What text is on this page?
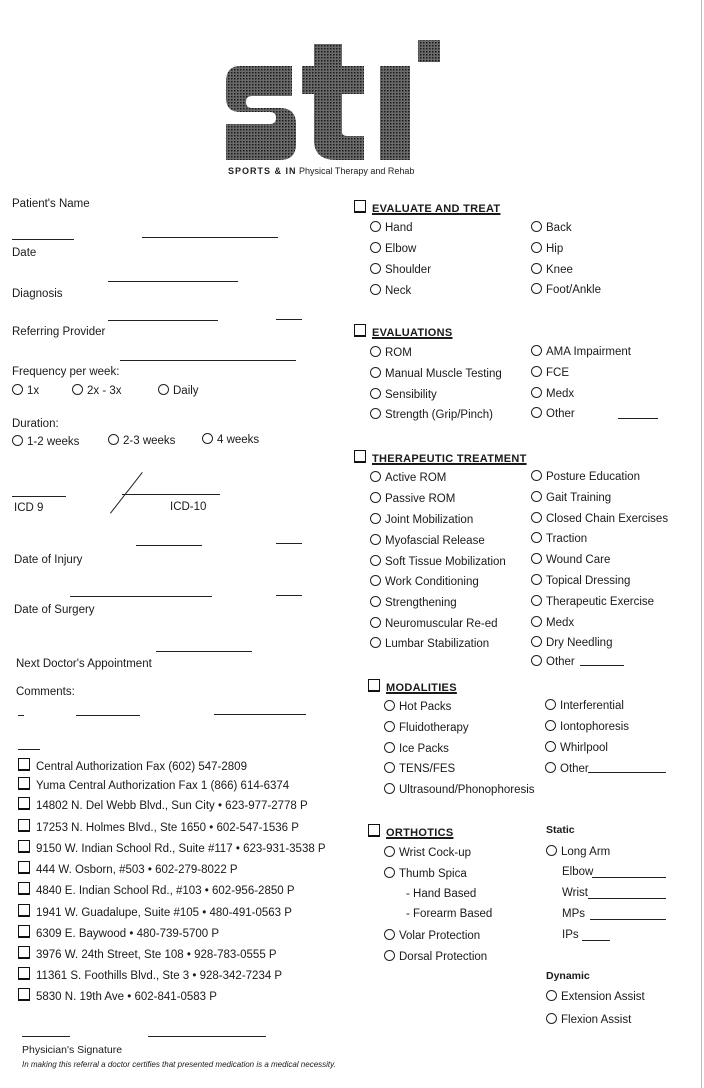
SPORTS & IN Physical Therapy and Rehab
Patient's Name
Date
Diagnosis
Referring Provider
Frequency per week:
1x	2x - 3x	Daily
Duration:
1-2 weeks	2-3 weeks	4 weeks
ICD 9	ICD-10
Date of Injury
Date of Surgery
Next Doctor's Appointment
Comments:
Central Authorization Fax (602) 547-2809
Yuma Central Authorization Fax 1 (866) 614-6374
14802 N. Del Webb Blvd., Sun City • 623-977-2778 P
17253 N. Holmes Blvd., Ste 1650 • 602-547-1536 P
9150 W. Indian School Rd., Suite #117 • 623-931-3538 P
444 W. Osborn, #503 • 602-279-8022 P
4840 E. Indian School Rd., #103 • 602-956-2850 P
1941 W. Guadalupe, Suite #105 • 480-491-0563 P
6309 E. Baywood • 480-739-5700 P
3976 W. 24th Street, Ste 108 • 928-783-0555 P
11361 S. Foothills Blvd., Ste 3 • 928-342-7234 P
5830 N. 19th Ave • 602-841-0583 P
Physician's Signature
In making this referral a doctor certifies that presented medication is a medical necessity.
EVALUATE AND TREAT
Hand
Elbow
Shoulder
Neck
Back
Hip
Knee
Foot/Ankle
EVALUATIONS
ROM
Manual Muscle Testing
Sensibility
Strength (Grip/Pinch)
AMA Impairment
FCE
Medx
Other
THERAPEUTIC TREATMENT
Active ROM
Passive ROM
Joint Mobilization
Myofascial Release
Soft Tissue Mobilization
Work Conditioning
Strengthening
Neuromuscular Re-ed
Lumbar Stabilization
Posture Education
Gait Training
Closed Chain Exercises
Traction
Wound Care
Topical Dressing
Therapeutic Exercise
Medx
Dry Needling
Other
MODALITIES
Hot Packs
Fluidotherapy
Ice Packs
TENS/FES
Ultrasound/Phonophoresis
Interferential
Iontophoresis
Whirlpool
Other
ORTHOTICS
Wrist Cock-up
Thumb Spica
- Hand Based
- Forearm Based
Volar Protection
Dorsal Protection
Static
Long Arm
Elbow
Wrist
MPs
IPs
Dynamic
Extension Assist
Flexion Assist
